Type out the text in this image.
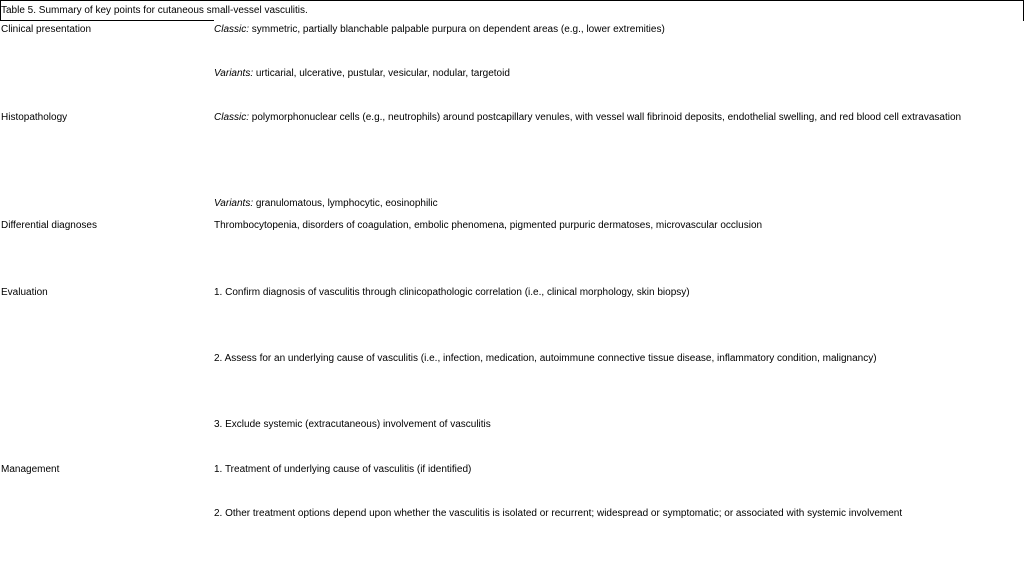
Table 5. Summary of key points for cutaneous small-vessel vasculitis.
Clinical presentation	Classic: symmetric, partially blanchable palpable purpura on dependent areas (e.g., lower extremities)
Variants: urticarial, ulcerative, pustular, vesicular, nodular, targetoid
Histopathology	Classic: polymorphonuclear cells (e.g., neutrophils) around postcapillary venules, with vessel wall fibrinoid deposits, endothelial swelling, and red blood cell extravasation
Variants: granulomatous, lymphocytic, eosinophilic
Differential diagnoses	Thrombocytopenia, disorders of coagulation, embolic phenomena, pigmented purpuric dermatoses, microvascular occlusion
Evaluation	1. Confirm diagnosis of vasculitis through clinicopathologic correlation (i.e., clinical morphology, skin biopsy)
2. Assess for an underlying cause of vasculitis (i.e., infection, medication, autoimmune connective tissue disease, inflammatory condition, malignancy)
3. Exclude systemic (extracutaneous) involvement of vasculitis
Management	1. Treatment of underlying cause of vasculitis (if identified)
2. Other treatment options depend upon whether the vasculitis is isolated or recurrent; widespread or symptomatic; or associated with systemic involvement
